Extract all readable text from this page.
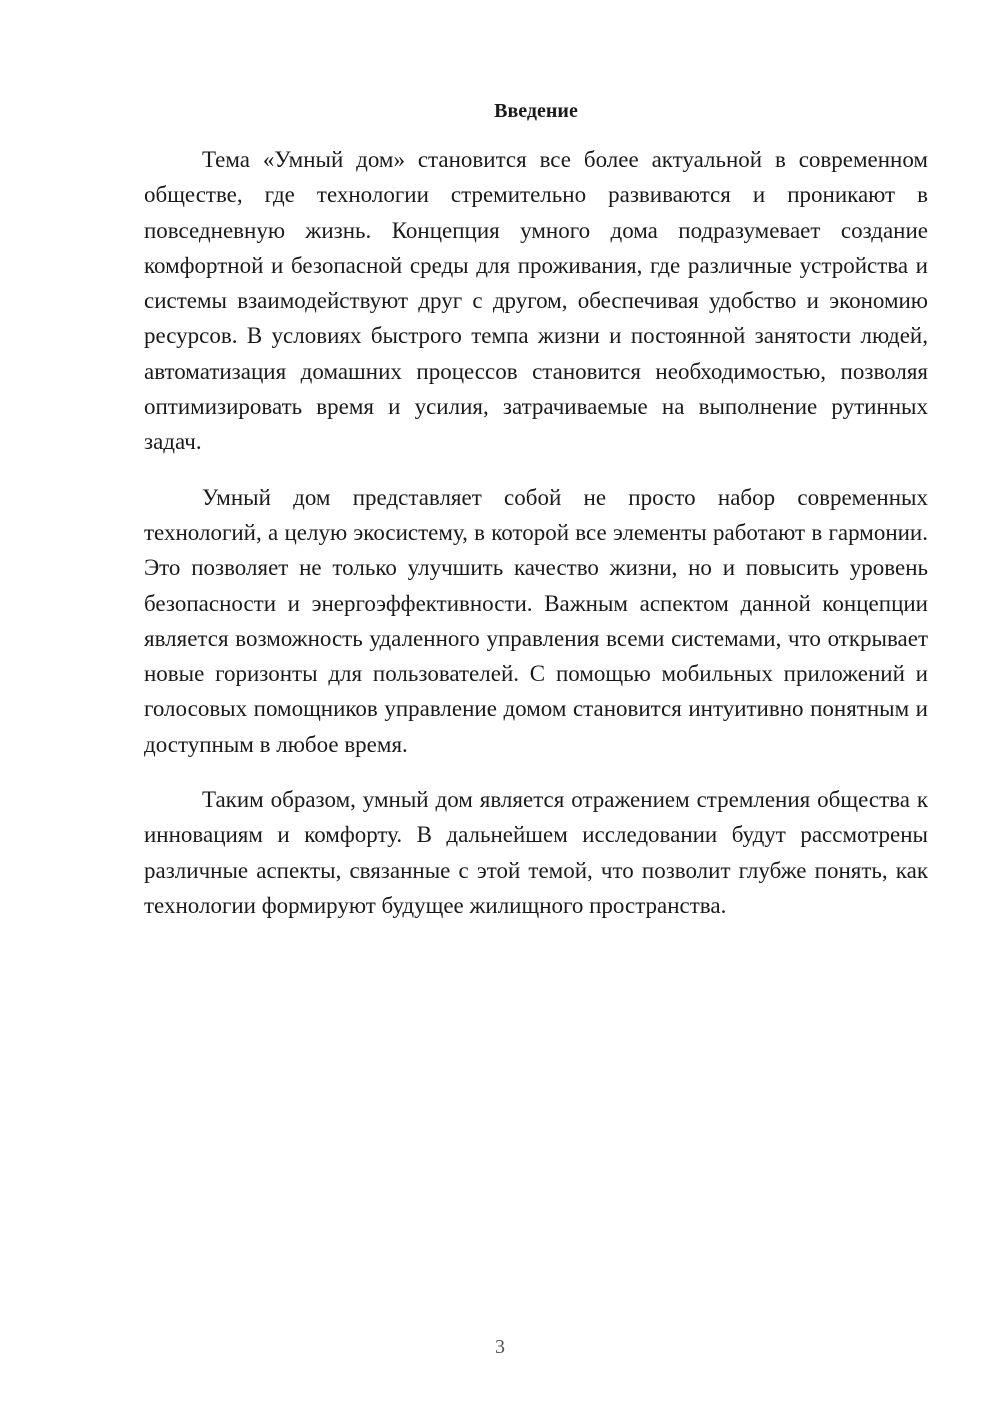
Введение

Тема «Умный дом» становится все более актуальной в современном обществе, где технологии стремительно развиваются и проникают в повседневную жизнь. Концепция умного дома подразумевает создание комфортной и безопасной среды для проживания, где различные устройства и системы взаимодействуют друг с другом, обеспечивая удобство и экономию ресурсов. В условиях быстрого темпа жизни и постоянной занятости людей, автоматизация домашних процессов становится необходимостью, позволяя оптимизировать время и усилия, затрачиваемые на выполнение рутинных задач.

Умный дом представляет собой не просто набор современных технологий, а целую экосистему, в которой все элементы работают в гармонии. Это позволяет не только улучшить качество жизни, но и повысить уровень безопасности и энергоэффективности. Важным аспектом данной концепции является возможность удаленного управления всеми системами, что открывает новые горизонты для пользователей. С помощью мобильных приложений и голосовых помощников управление домом становится интуитивно понятным и доступным в любое время.

Таким образом, умный дом является отражением стремления общества к инновациям и комфорту. В дальнейшем исследовании будут рассмотрены различные аспекты, связанные с этой темой, что позволит глубже понять, как технологии формируют будущее жилищного пространства.

3
